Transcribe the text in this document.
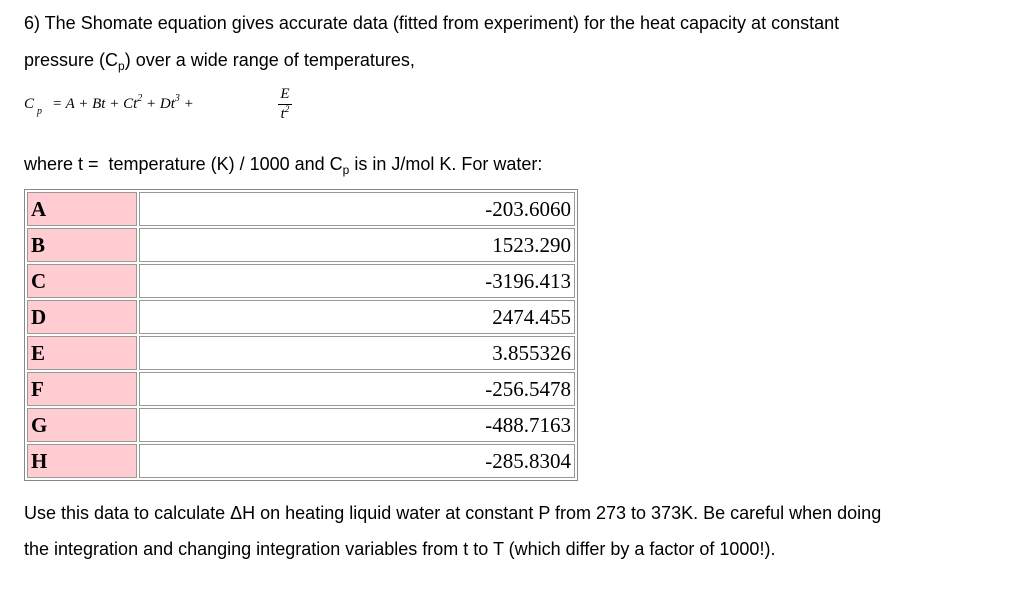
6) The Shomate equation gives accurate data (fitted from experiment) for the heat capacity at constant
pressure $(C_p)$ over a wide range of temperatures,
C p = A + Bt + Ct2 + Dt3 +
E
$t^2$
where t =  temperature (K) / 1000 and $C_p$ is in J/mol K. For water:
A	-203.6060
B	1523.290
C	-3196.413
D	2474.455
E	3.855326
F	-256.5478
G	-488.7163
H	-285.8304
Use this data to calculate ΔH on heating liquid water at constant P from 273 to 373K. Be careful when doing
the integration and changing integration variables from t to T (which differ by a factor of 1000!).
